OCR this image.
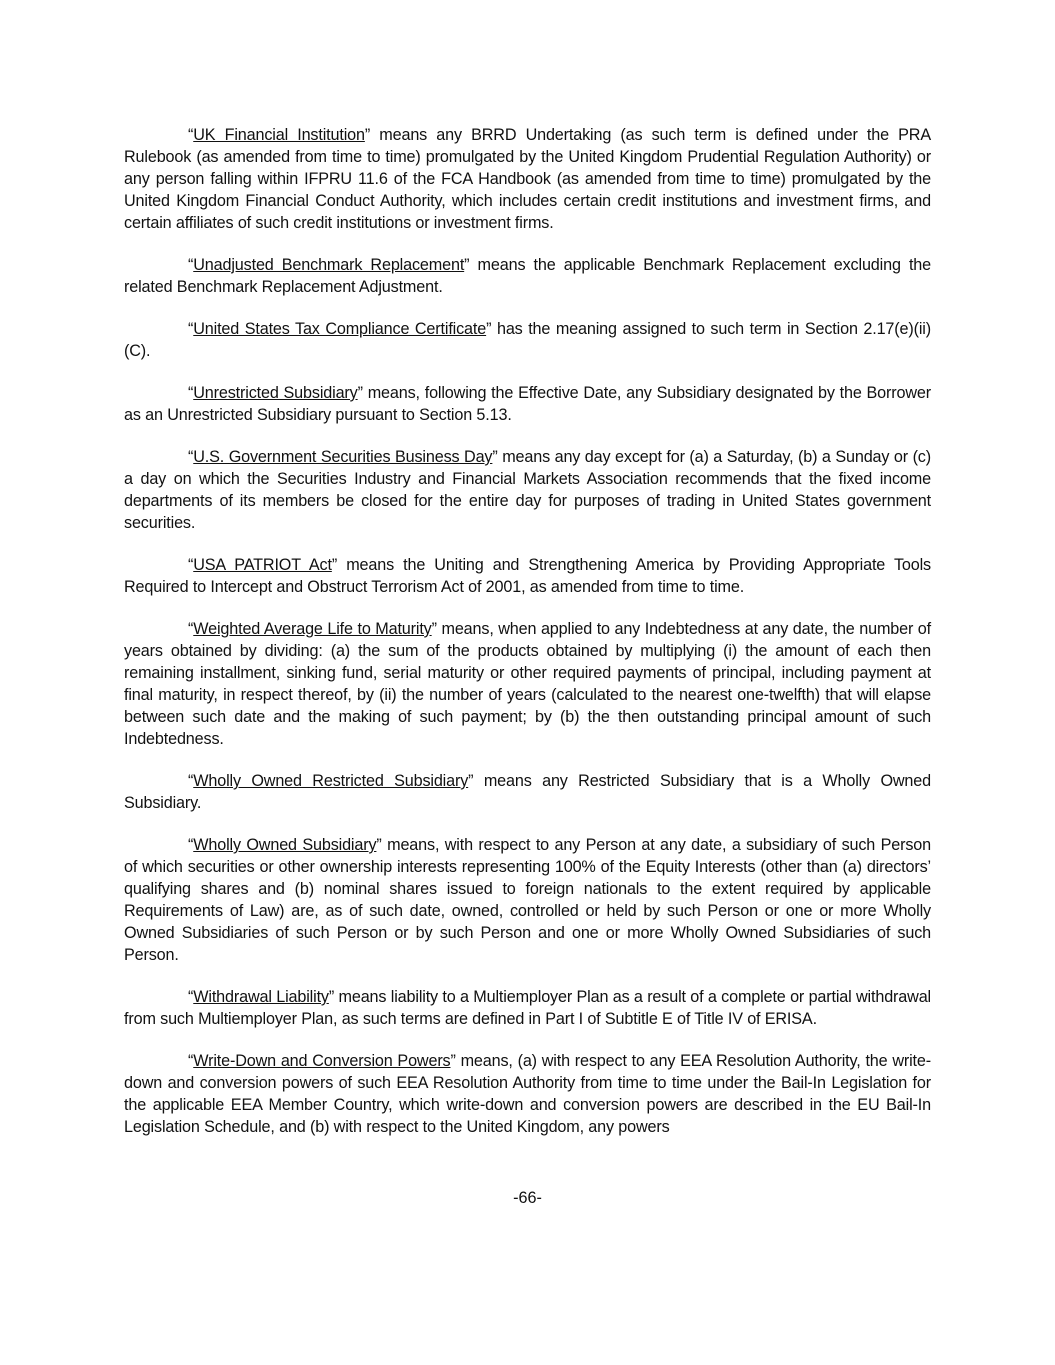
“UK Financial Institution” means any BRRD Undertaking (as such term is defined under the PRA Rulebook (as amended from time to time) promulgated by the United Kingdom Prudential Regulation Authority) or any person falling within IFPRU 11.6 of the FCA Handbook (as amended from time to time) promulgated by the United Kingdom Financial Conduct Authority, which includes certain credit institutions and investment firms, and certain affiliates of such credit institutions or investment firms.

“Unadjusted Benchmark Replacement” means the applicable Benchmark Replacement excluding the related Benchmark Replacement Adjustment.

“United States Tax Compliance Certificate” has the meaning assigned to such term in Section 2.17(e)(ii)(C).

“Unrestricted Subsidiary” means, following the Effective Date, any Subsidiary designated by the Borrower as an Unrestricted Subsidiary pursuant to Section 5.13.

“U.S. Government Securities Business Day” means any day except for (a) a Saturday, (b) a Sunday or (c) a day on which the Securities Industry and Financial Markets Association recommends that the fixed income departments of its members be closed for the entire day for purposes of trading in United States government securities.

“USA PATRIOT Act” means the Uniting and Strengthening America by Providing Appropriate Tools Required to Intercept and Obstruct Terrorism Act of 2001, as amended from time to time.

“Weighted Average Life to Maturity” means, when applied to any Indebtedness at any date, the number of years obtained by dividing: (a) the sum of the products obtained by multiplying (i) the amount of each then remaining installment, sinking fund, serial maturity or other required payments of principal, including payment at final maturity, in respect thereof, by (ii) the number of years (calculated to the nearest one-twelfth) that will elapse between such date and the making of such payment; by (b) the then outstanding principal amount of such Indebtedness.

“Wholly Owned Restricted Subsidiary” means any Restricted Subsidiary that is a Wholly Owned Subsidiary.

“Wholly Owned Subsidiary” means, with respect to any Person at any date, a subsidiary of such Person of which securities or other ownership interests representing 100% of the Equity Interests (other than (a) directors’ qualifying shares and (b) nominal shares issued to foreign nationals to the extent required by applicable Requirements of Law) are, as of such date, owned, controlled or held by such Person or one or more Wholly Owned Subsidiaries of such Person or by such Person and one or more Wholly Owned Subsidiaries of such Person.

“Withdrawal Liability” means liability to a Multiemployer Plan as a result of a complete or partial withdrawal from such Multiemployer Plan, as such terms are defined in Part I of Subtitle E of Title IV of ERISA.

“Write-Down and Conversion Powers” means, (a) with respect to any EEA Resolution Authority, the write-down and conversion powers of such EEA Resolution Authority from time to time under the Bail-In Legislation for the applicable EEA Member Country, which write-down and conversion powers are described in the EU Bail-In Legislation Schedule, and (b) with respect to the United Kingdom, any powers

-66-
